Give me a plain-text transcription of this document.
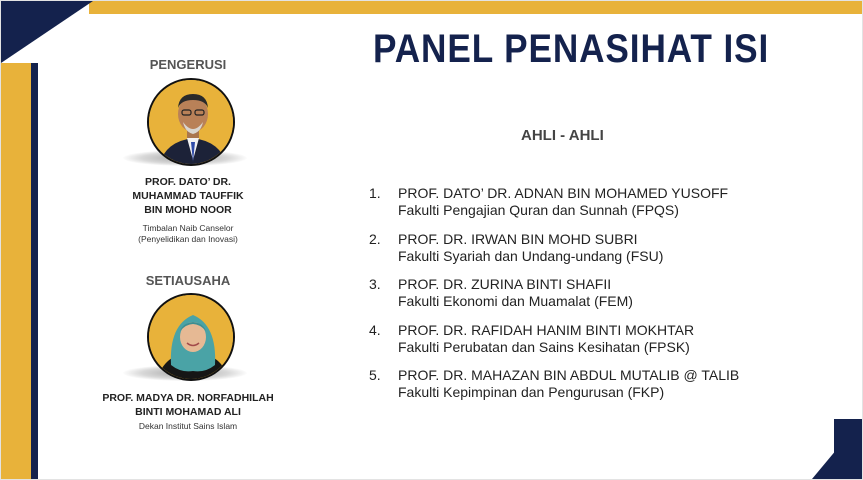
PANEL PENASIHAT ISI
PENGERUSI
PROF. DATO’ DR.
MUHAMMAD TAUFFIK
BIN MOHD NOOR
Timbalan Naib Canselor
(Penyelidikan dan Inovasi)
SETIAUSAHA
PROF. MADYA DR. NORFADHILAH
BINTI MOHAMAD ALI
Dekan Institut Sains Islam
AHLI - AHLI
1. PROF. DATO’ DR. ADNAN BIN MOHAMED YUSOFF
Fakulti Pengajian Quran dan Sunnah (FPQS)
2. PROF. DR. IRWAN BIN MOHD SUBRI
Fakulti Syariah dan Undang-undang (FSU)
3. PROF. DR. ZURINA BINTI SHAFII
Fakulti Ekonomi dan Muamalat (FEM)
4. PROF. DR. RAFIDAH HANIM BINTI MOKHTAR
Fakulti Perubatan dan Sains Kesihatan (FPSK)
5. PROF. DR. MAHAZAN BIN ABDUL MUTALIB @ TALIB
Fakulti Kepimpinan dan Pengurusan (FKP)
